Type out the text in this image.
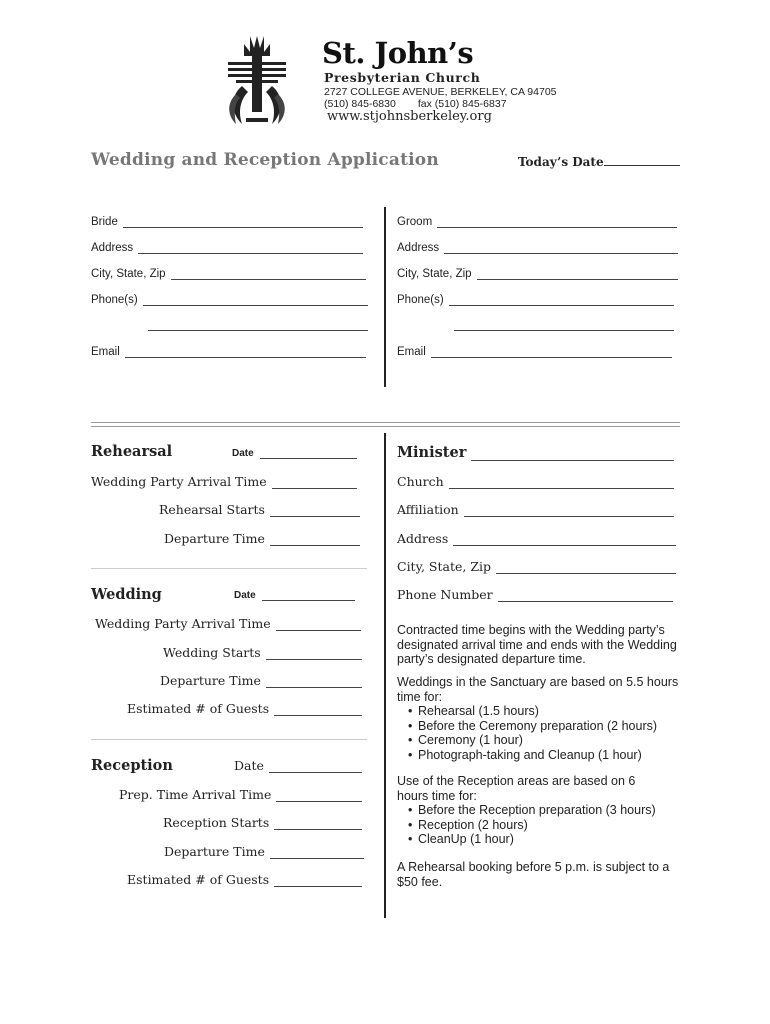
St. John’s
Presbyterian Church
2727 COLLEGE AVENUE, BERKELEY, CA 94705
(510) 845-6830 fax (510) 845-6837
www.stjohnsberkeley.org
Wedding and Reception Application	Today’s Date
Bride
Address
City, State, Zip
Phone(s)
Email
Groom
Address
City, State, Zip
Phone(s)
Email
Rehearsal	Date
Wedding Party Arrival Time
Rehearsal Starts
Departure Time
Wedding	Date
Wedding Party Arrival Time
Wedding Starts
Departure Time
Estimated # of Guests
Reception	Date
Prep. Time Arrival Time
Reception Starts
Departure Time
Estimated # of Guests
Minister
Church
Affiliation
Address
City, State, Zip
Phone Number
Contracted time begins with the Wedding party’s designated arrival time and ends with the Wedding party’s designated departure time.
Weddings in the Sanctuary are based on 5.5 hours time for:
• Rehearsal (1.5 hours)
• Before the Ceremony preparation (2 hours)
• Ceremony (1 hour)
• Photograph-taking and Cleanup (1 hour)
Use of the Reception areas are based on 6 hours time for:
• Before the Reception preparation (3 hours)
• Reception (2 hours)
• CleanUp (1 hour)
A Rehearsal booking before 5 p.m. is subject to a $50 fee.
